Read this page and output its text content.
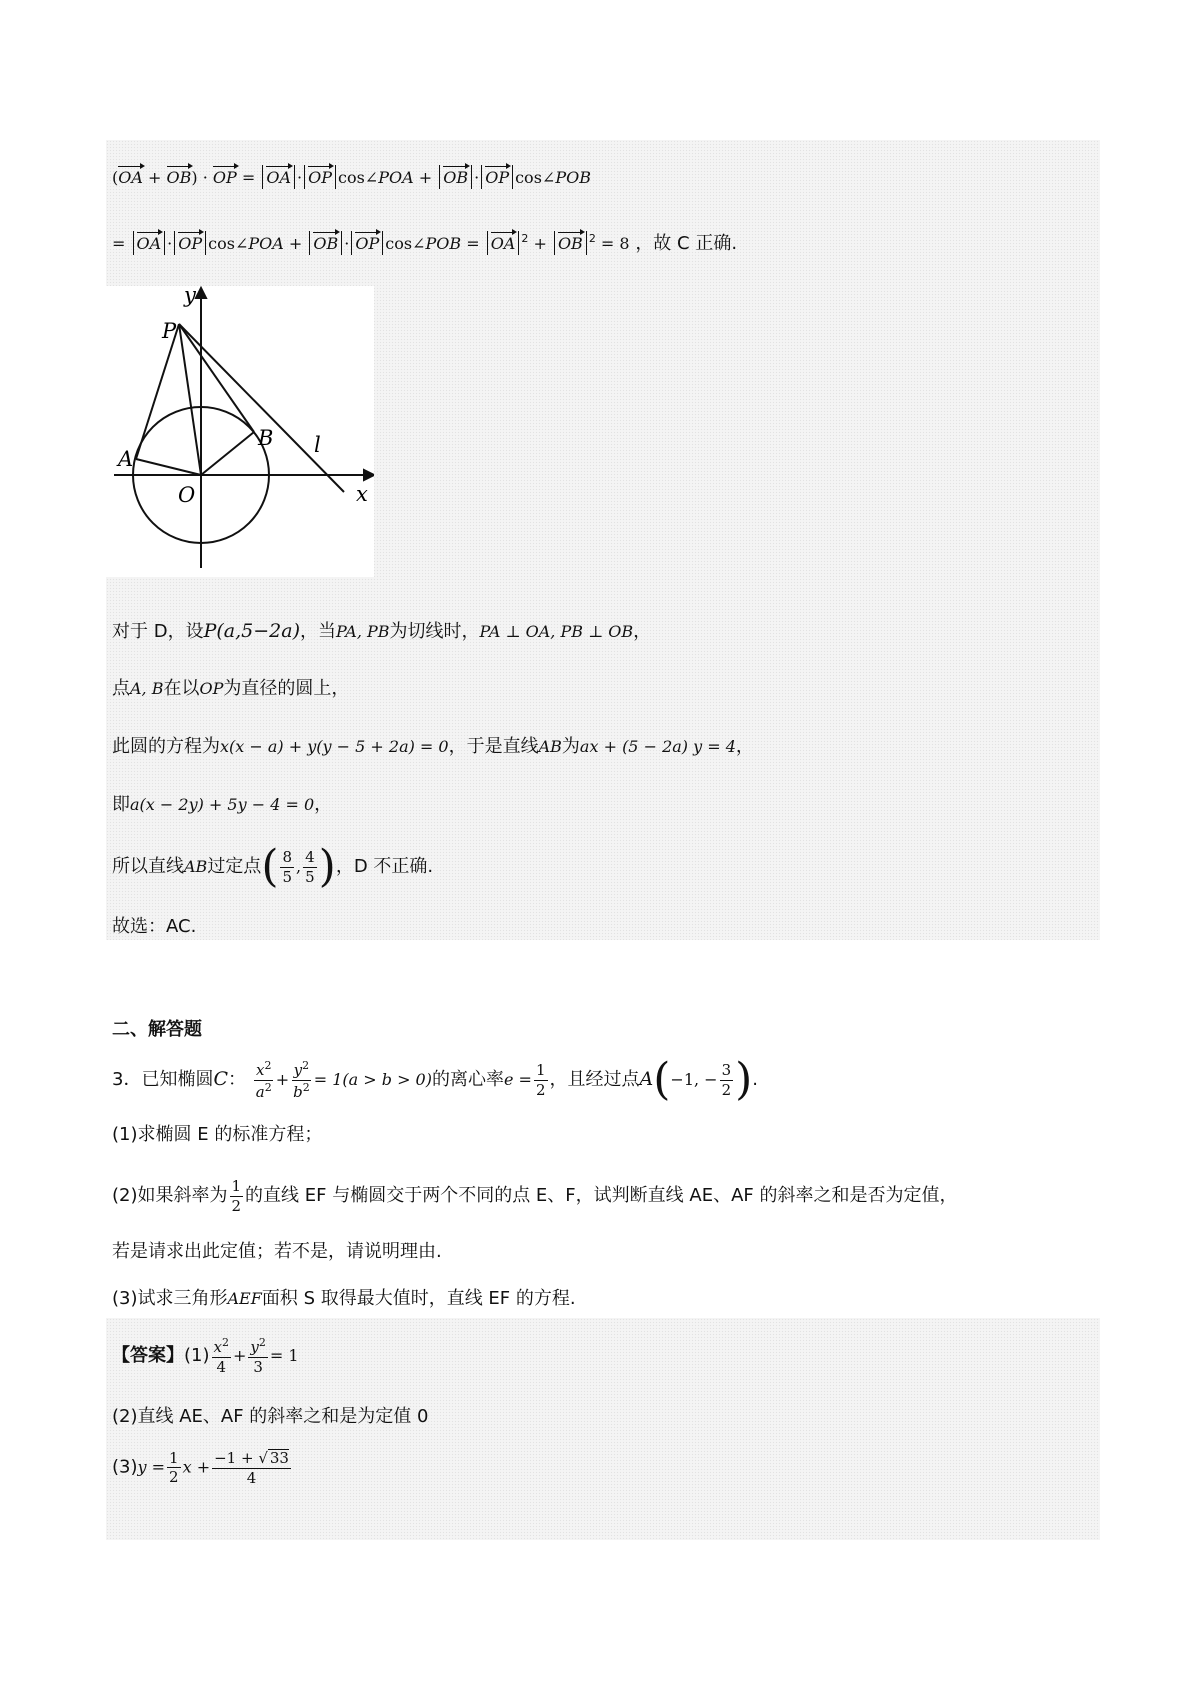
(OA + OB) · OP = OA · OP cos∠POA + OB · OP cos∠POB
= OA · OP cos∠POA + OB · OP cos∠POB = OA $^2$ + OB $^2$ = 8 ，故 C 正确.
y
x
O
P
A
B l
对于 D，设P(a,5−2a)，当PA, PB为切线时，PA ⊥ OA, PB ⊥ OB，
点A, B在以OP为直径的圆上，
此圆的方程为x(x − a) + y(y − 5 + 2a) = 0，于是直线AB为ax + (5 − 2a) y = 4，
即a(x − 2y) + 5y − 4 = 0，
所以直线AB过定点( $\frac{8}{5}$ , $\frac{4}{5}$ )，D 不正确.
故选：AC.
二、解答题
3．已知椭圆C： $\frac{x^2}{a^2} + \frac{y^2}{b^2} = 1(a > b > 0)$的离心率$e = \frac{1}{2}$ ，且经过点A(−1, − $\frac{3}{2}$ ).
(1)求椭圆 E 的标准方程；
(2)如果斜率为 $\frac{1}{2}$ 的直线 EF 与椭圆交于两个不同的点 E、F，试判断直线 AE、AF 的斜率之和是否为定值，
若是请求出此定值；若不是，请说明理由.
(3)试求三角形AEF面积 S 取得最大值时，直线 EF 的方程.
【答案】$(1) \frac{x^2}{4} + \frac{y^2}{3} = 1$
(2)直线 AE、AF 的斜率之和是为定值 0
$(3)y = \frac{1}{2}$ $x + \frac{-1 + √ 33}{4}$
